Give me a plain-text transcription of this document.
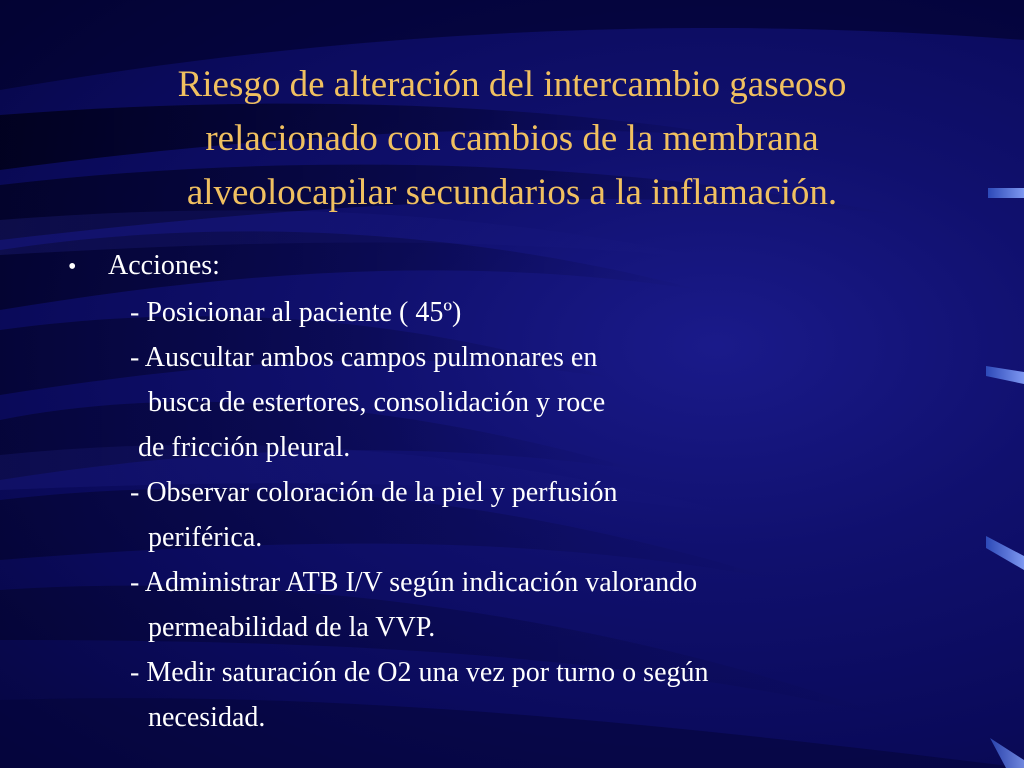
Riesgo de alteración del intercambio gaseoso
relacionado con cambios de la membrana
alveolocapilar secundarios a la inflamación.
•	Acciones:
- Posicionar al paciente ( 45º)
- Auscultar ambos campos pulmonares en
busca de estertores, consolidación y roce
de fricción pleural.
- Observar coloración de la piel y perfusión
periférica.
- Administrar ATB I/V según indicación valorando
permeabilidad de la VVP.
- Medir saturación de O2 una vez por turno o según
necesidad.
